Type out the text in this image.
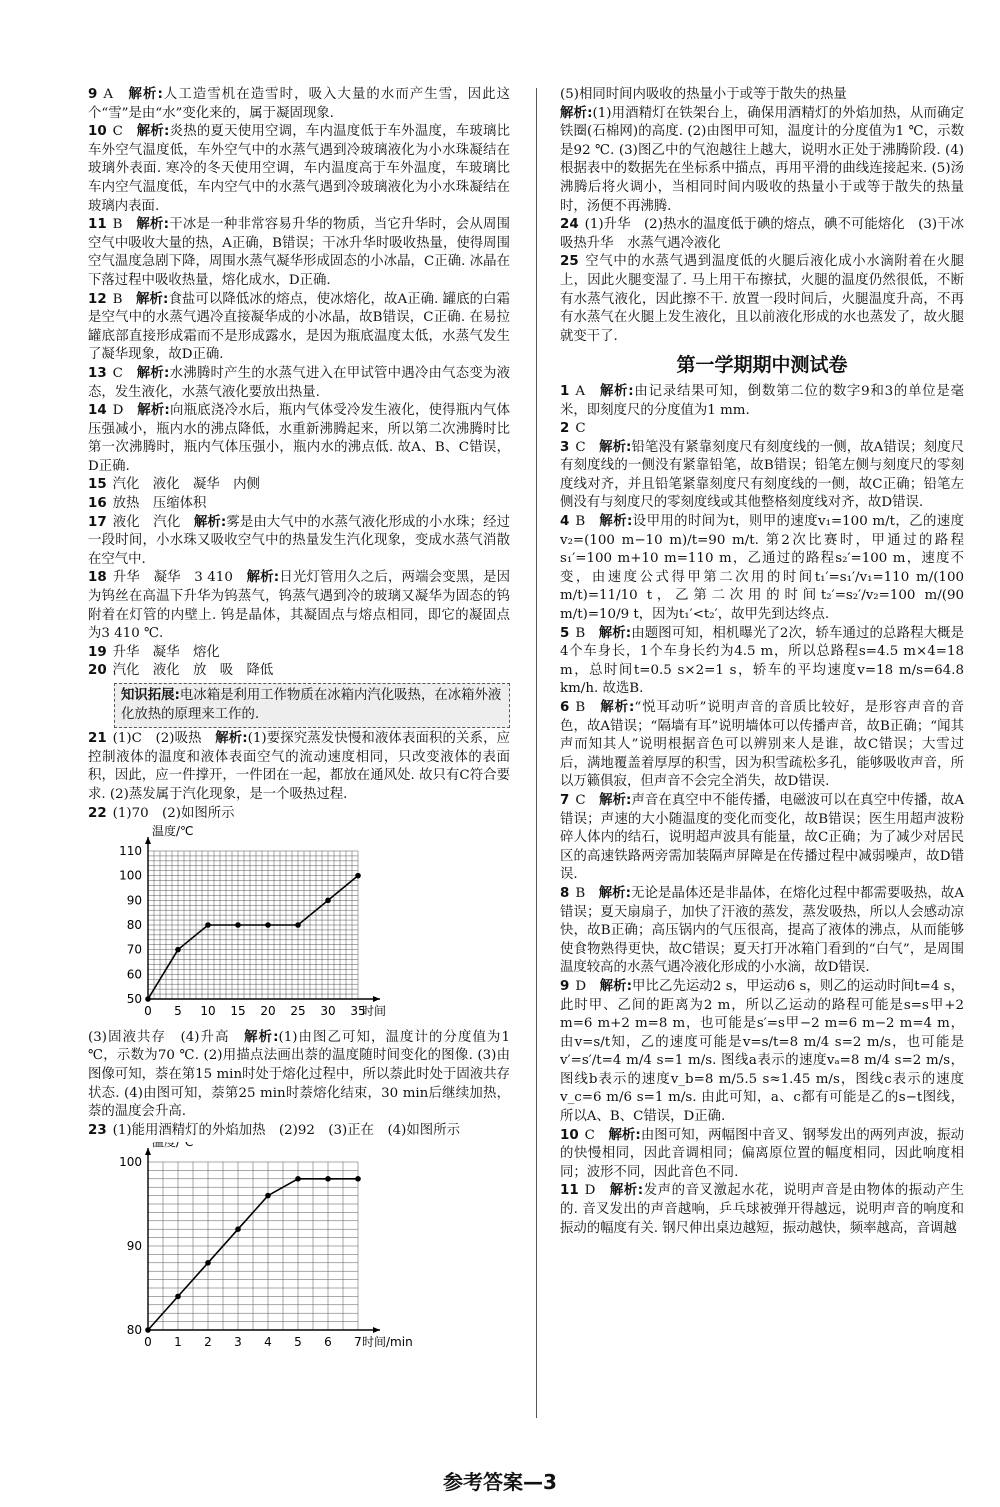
9 A　 解析:人工造雪机在造雪时，吸入大量的水而产生雪，因此这个“雪”是由“水”变化来的，属于凝固现象.

10 C　 解析:炎热的夏天使用空调，车内温度低于车外温度，车玻璃比车外空气温度低，车外空气中的水蒸气遇到冷玻璃液化为小水珠凝结在玻璃外表面. 寒冷的冬天使用空调，车内温度高于车外温度，车玻璃比车内空气温度低，车内空气中的水蒸气遇到冷玻璃液化为小水珠凝结在玻璃内表面.

11 B　 解析:干冰是一种非常容易升华的物质，当它升华时，会从周围空气中吸收大量的热，A正确，B错误；干冰升华时吸收热量，使得周围空气温度急剧下降，周围水蒸气凝华形成固态的小冰晶，C正确. 冰晶在下落过程中吸收热量，熔化成水，D正确.

12 B　 解析:食盐可以降低冰的熔点，使冰熔化，故A正确. 罐底的白霜是空气中的水蒸气遇冷直接凝华成的小冰晶，故B错误，C正确. 在易拉罐底部直接形成霜而不是形成露水，是因为瓶底温度太低，水蒸气发生了凝华现象，故D正确.

13 C　 解析:水沸腾时产生的水蒸气进入在甲试管中遇冷由气态变为液态，发生液化，水蒸气液化要放出热量.

14 D　 解析:向瓶底浇冷水后，瓶内气体受冷发生液化，使得瓶内气体压强减小，瓶内水的沸点降低，水重新沸腾起来，所以第二次沸腾时比第一次沸腾时，瓶内气体压强小，瓶内水的沸点低. 故A、B、C错误，D正确.

15 汽化　液化　凝华　内侧

16 放热　压缩体积

17 液化　汽化　 解析:雾是由大气中的水蒸气液化形成的小水珠；经过一段时间，小水珠又吸收空气中的热量发生汽化现象，变成水蒸气消散在空气中.

18 升华　凝华　3 410　 解析:日光灯管用久之后，两端会变黑，是因为钨丝在高温下升华为钨蒸气，钨蒸气遇到冷的玻璃又凝华为固态的钨附着在灯管的内壁上. 钨是晶体，其凝固点与熔点相同，即它的凝固点为3 410 ℃.

19 升华　凝华　熔化

20 汽化　液化　放　吸　降低

知识拓展:电冰箱是利用工作物质在冰箱内汽化吸热，在冰箱外液化放热的原理来工作的.

21 (1)C　(2)吸热　 解析:(1)要探究蒸发快慢和液体表面积的关系，应控制液体的温度和液体表面空气的流动速度相同，只改变液体的表面积，因此，应一件撑开，一件团在一起，都放在通风处. 故只有C符合要求. (2)蒸发属于汽化现象，是一个吸热过程.

22 (1)70　(2)如图所示

0 5 10 15 20 25 30 35
50
60
70
80
90
100
110
温度/℃
时间

(3)固液共存　(4)升高　 解析:(1)由图乙可知，温度计的分度值为1 ℃，示数为70 ℃. (2)用描点法画出萘的温度随时间变化的图像. (3)由图像可知，萘在第15 min时处于熔化过程中，所以萘此时处于固液共存状态. (4)由图可知，萘第25 min时萘熔化结束，30 min后继续加热，萘的温度会升高.

23 (1)能用酒精灯的外焰加热　(2)92　(3)正在　(4)如图所示

0 1 2 3 4 5 6 7
80
90
100
温度/℃
时间/min

(5)相同时间内吸收的热量小于或等于散失的热量

解析:(1)用酒精灯在铁架台上，确保用酒精灯的外焰加热，从而确定铁圈(石棉网)的高度. (2)由图甲可知，温度计的分度值为1 ℃，示数是92 ℃. (3)图乙中的气泡越往上越大，说明水正处于沸腾阶段. (4)根据表中的数据先在坐标系中描点，再用平滑的曲线连接起来. (5)汤沸腾后将火调小，当相同时间内吸收的热量小于或等于散失的热量时，汤便不再沸腾.

24 (1)升华　(2)热水的温度低于碘的熔点，碘不可能熔化　(3)干冰吸热升华　水蒸气遇冷液化

25 空气中的水蒸气遇到温度低的火腿后液化成小水滴附着在火腿上，因此火腿变湿了. 马上用干布擦拭，火腿的温度仍然很低，不断有水蒸气液化，因此擦不干. 放置一段时间后，火腿温度升高，不再有水蒸气在火腿上发生液化，且以前液化形成的水也蒸发了，故火腿就变干了.

第一学期期中测试卷

1 A　 解析:由记录结果可知，倒数第二位的数字9和3的单位是毫米，即刻度尺的分度值为1 mm.

2 C

3 C　 解析:铅笔没有紧靠刻度尺有刻度线的一侧，故A错误；刻度尺有刻度线的一侧没有紧靠铅笔，故B错误；铅笔左侧与刻度尺的零刻度线对齐，并且铅笔紧靠刻度尺有刻度线的一侧，故C正确；铅笔左侧没有与刻度尺的零刻度线或其他整格刻度线对齐，故D错误.

4 B　 解析:设甲用的时间为t，则甲的速度v₁=100 m/t，乙的速度v₂=(100 m−10 m)/t=90 m/t. 第2次比赛时，甲通过的路程s₁′=100 m+10 m=110 m，乙通过的路程s₂′=100 m，速度不变，由速度公式得甲第二次用的时间t₁′=s₁′/v₁=110 m/(100 m/t)=11/10 t，乙第二次用的时间t₂′=s₂′/v₂=100 m/(90 m/t)=10/9 t，因为t₁′<t₂′，故甲先到达终点.

5 B　 解析:由题图可知，相机曝光了2次，轿车通过的总路程大概是4个车身长，1个车身长约为4.5 m，所以总路程s=4.5 m×4=18 m，总时间t=0.5 s×2=1 s，轿车的平均速度v=18 m/s=64.8 km/h. 故选B.

6 B　 解析:“悦耳动听”说明声音的音质比较好，是形容声音的音色，故A错误；“隔墙有耳”说明墙体可以传播声音，故B正确；“闻其声而知其人”说明根据音色可以辨别来人是谁，故C错误；大雪过后，满地覆盖着厚厚的积雪，因为积雪疏松多孔，能够吸收声音，所以万籁俱寂，但声音不会完全消失，故D错误.

7 C　 解析:声音在真空中不能传播，电磁波可以在真空中传播，故A错误；声速的大小随温度的变化而变化，故B错误；医生用超声波粉碎人体内的结石，说明超声波具有能量，故C正确；为了减少对居民区的高速铁路两旁需加装隔声屏障是在传播过程中减弱噪声，故D错误.

8 B　 解析:无论是晶体还是非晶体，在熔化过程中都需要吸热，故A错误；夏天扇扇子，加快了汗液的蒸发，蒸发吸热，所以人会感动凉快，故B正确；高压锅内的气压很高，提高了液体的沸点，从而能够使食物熟得更快，故C错误；夏天打开冰箱门看到的“白气”，是周围温度较高的水蒸气遇冷液化形成的小水滴，故D错误.

9 D　 解析:甲比乙先运动2 s，甲运动6 s，则乙的运动时间t=4 s，此时甲、乙间的距离为2 m，所以乙运动的路程可能是s=s甲+2 m=6 m+2 m=8 m，也可能是s′=s甲−2 m=6 m−2 m=4 m，由v=s/t知，乙的速度可能是v=s/t=8 m/4 s=2 m/s，也可能是v′=s′/t=4 m/4 s=1 m/s. 图线a表示的速度vₐ=8 m/4 s=2 m/s，图线b表示的速度v_b=8 m/5.5 s≈1.45 m/s，图线c表示的速度v_c=6 m/6 s=1 m/s. 由此可知，a、c都有可能是乙的s−t图线，所以A、B、C错误，D正确.

10 C　 解析:由图可知，两幅图中音叉、钢琴发出的两列声波，振动的快慢相同，因此音调相同；偏离原位置的幅度相同，因此响度相同；波形不同，因此音色不同.

11 D　 解析:发声的音叉激起水花，说明声音是由物体的振动产生的. 音叉发出的声音越响，乒乓球被弹开得越远，说明声音的响度和振动的幅度有关. 钢尺伸出桌边越短，振动越快，频率越高，音调越

参考答案—3
